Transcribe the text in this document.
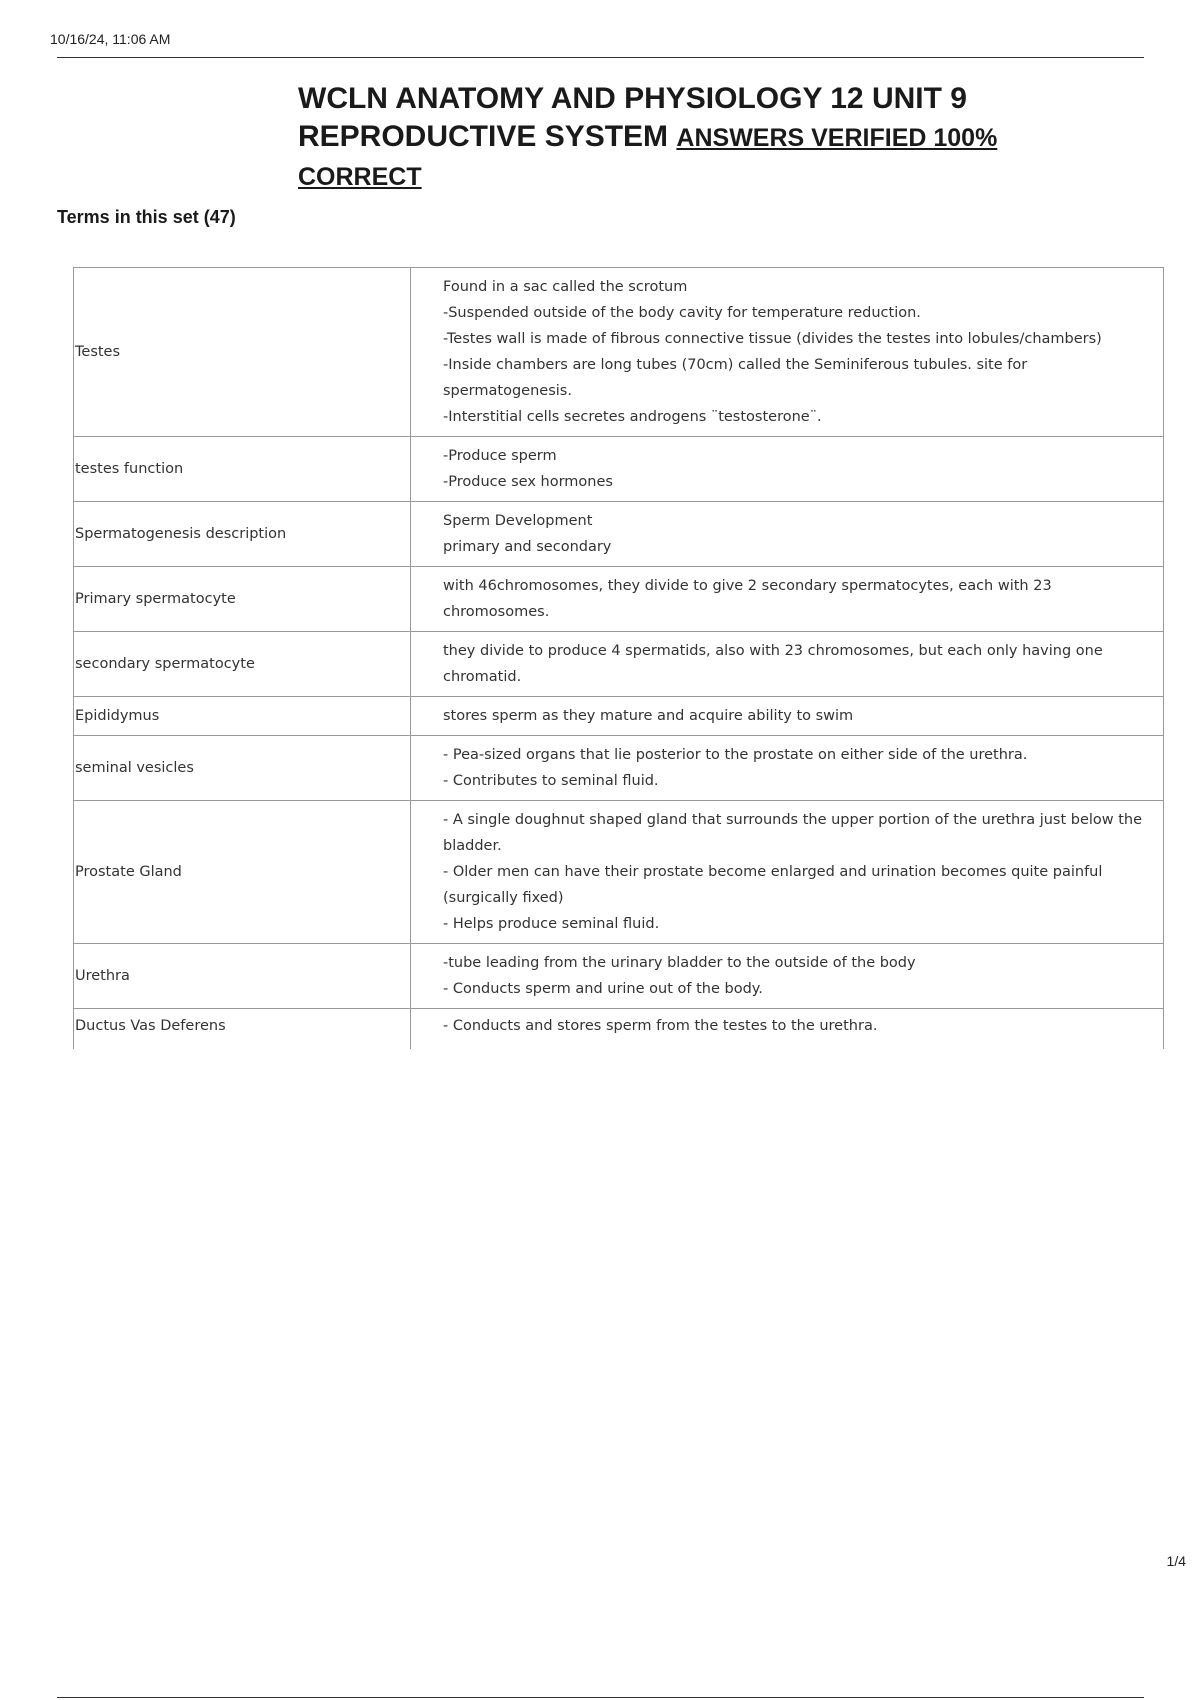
10/16/24, 11:06 AM
WCLN ANATOMY AND PHYSIOLOGY 12 UNIT 9 REPRODUCTIVE SYSTEM ANSWERS VERIFIED 100% CORRECT
Terms in this set (47)
Testes	Found in a sac called the scrotum
-Suspended outside of the body cavity for temperature reduction.
-Testes wall is made of fibrous connective tissue (divides the testes into lobules/chambers)
-Inside chambers are long tubes (70cm) called the Seminiferous tubules. site for spermatogenesis.
-Interstitial cells secretes androgens ¨testosterone¨.
testes function	-Produce sperm
-Produce sex hormones
Spermatogenesis description	Sperm Development
primary and secondary
Primary spermatocyte	with 46chromosomes, they divide to give 2 secondary spermatocytes, each with 23 chromosomes.
secondary spermatocyte	they divide to produce 4 spermatids, also with 23 chromosomes, but each only having one chromatid.
Epididymus	stores sperm as they mature and acquire ability to swim
seminal vesicles	- Pea-sized organs that lie posterior to the prostate on either side of the urethra.
- Contributes to seminal fluid.
Prostate Gland	- A single doughnut shaped gland that surrounds the upper portion of the urethra just below the bladder.
- Older men can have their prostate become enlarged and urination becomes quite painful (surgically fixed)
- Helps produce seminal fluid.
Urethra	-tube leading from the urinary bladder to the outside of the body
- Conducts sperm and urine out of the body.
Ductus Vas Deferens	- Conducts and stores sperm from the testes to the urethra.
1/4
